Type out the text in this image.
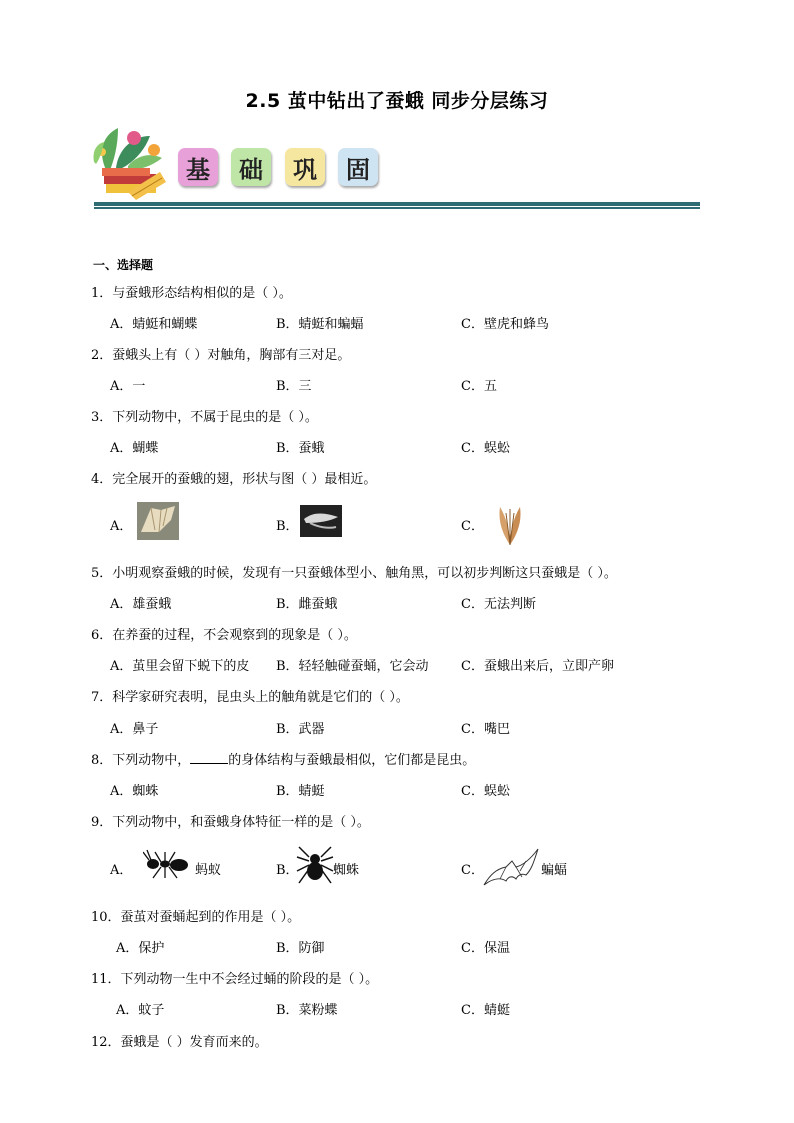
2.5 茧中钻出了蚕蛾 同步分层练习
基 础 巩 固
一、选择题
1．与蚕蛾形态结构相似的是（ ）。
A．蜻蜓和蝴蝶	B．蜻蜓和蝙蝠	C．壁虎和蜂鸟
2．蚕蛾头上有（ ）对触角，胸部有三对足。
A．一	B．三	C．五
3．下列动物中，不属于昆虫的是（ ）。
A．蝴蝶	B．蚕蛾	C．蜈蚣
4．完全展开的蚕蛾的翅，形状与图（ ）最相近。
A．	B．	C．
5．小明观察蚕蛾的时候，发现有一只蚕蛾体型小、触角黑，可以初步判断这只蚕蛾是（ ）。
A．雄蚕蛾	B．雌蚕蛾	C．无法判断
6．在养蚕的过程，不会观察到的现象是（ ）。
A．茧里会留下蜕下的皮 B．轻轻触碰蚕蛹，它会动 C．蚕蛾出来后，立即产卵
7．科学家研究表明，昆虫头上的触角就是它们的（ ）。
A．鼻子	B．武器	C．嘴巴
8．下列动物中，	的身体结构与蚕蛾最相似，它们都是昆虫。
A．蜘蛛	B．蜻蜓	C．蜈蚣
9．下列动物中，和蚕蛾身体特征一样的是（ ）。
A．	蚂蚁	B．	蜘蛛	C．	蝙蝠
10．蚕茧对蚕蛹起到的作用是（ ）。
A．保护	B．防御	C．保温
11．下列动物一生中不会经过蛹的阶段的是（ ）。
A．蚊子	B．菜粉蝶	C．蜻蜓
12．蚕蛾是（ ）发育而来的。
